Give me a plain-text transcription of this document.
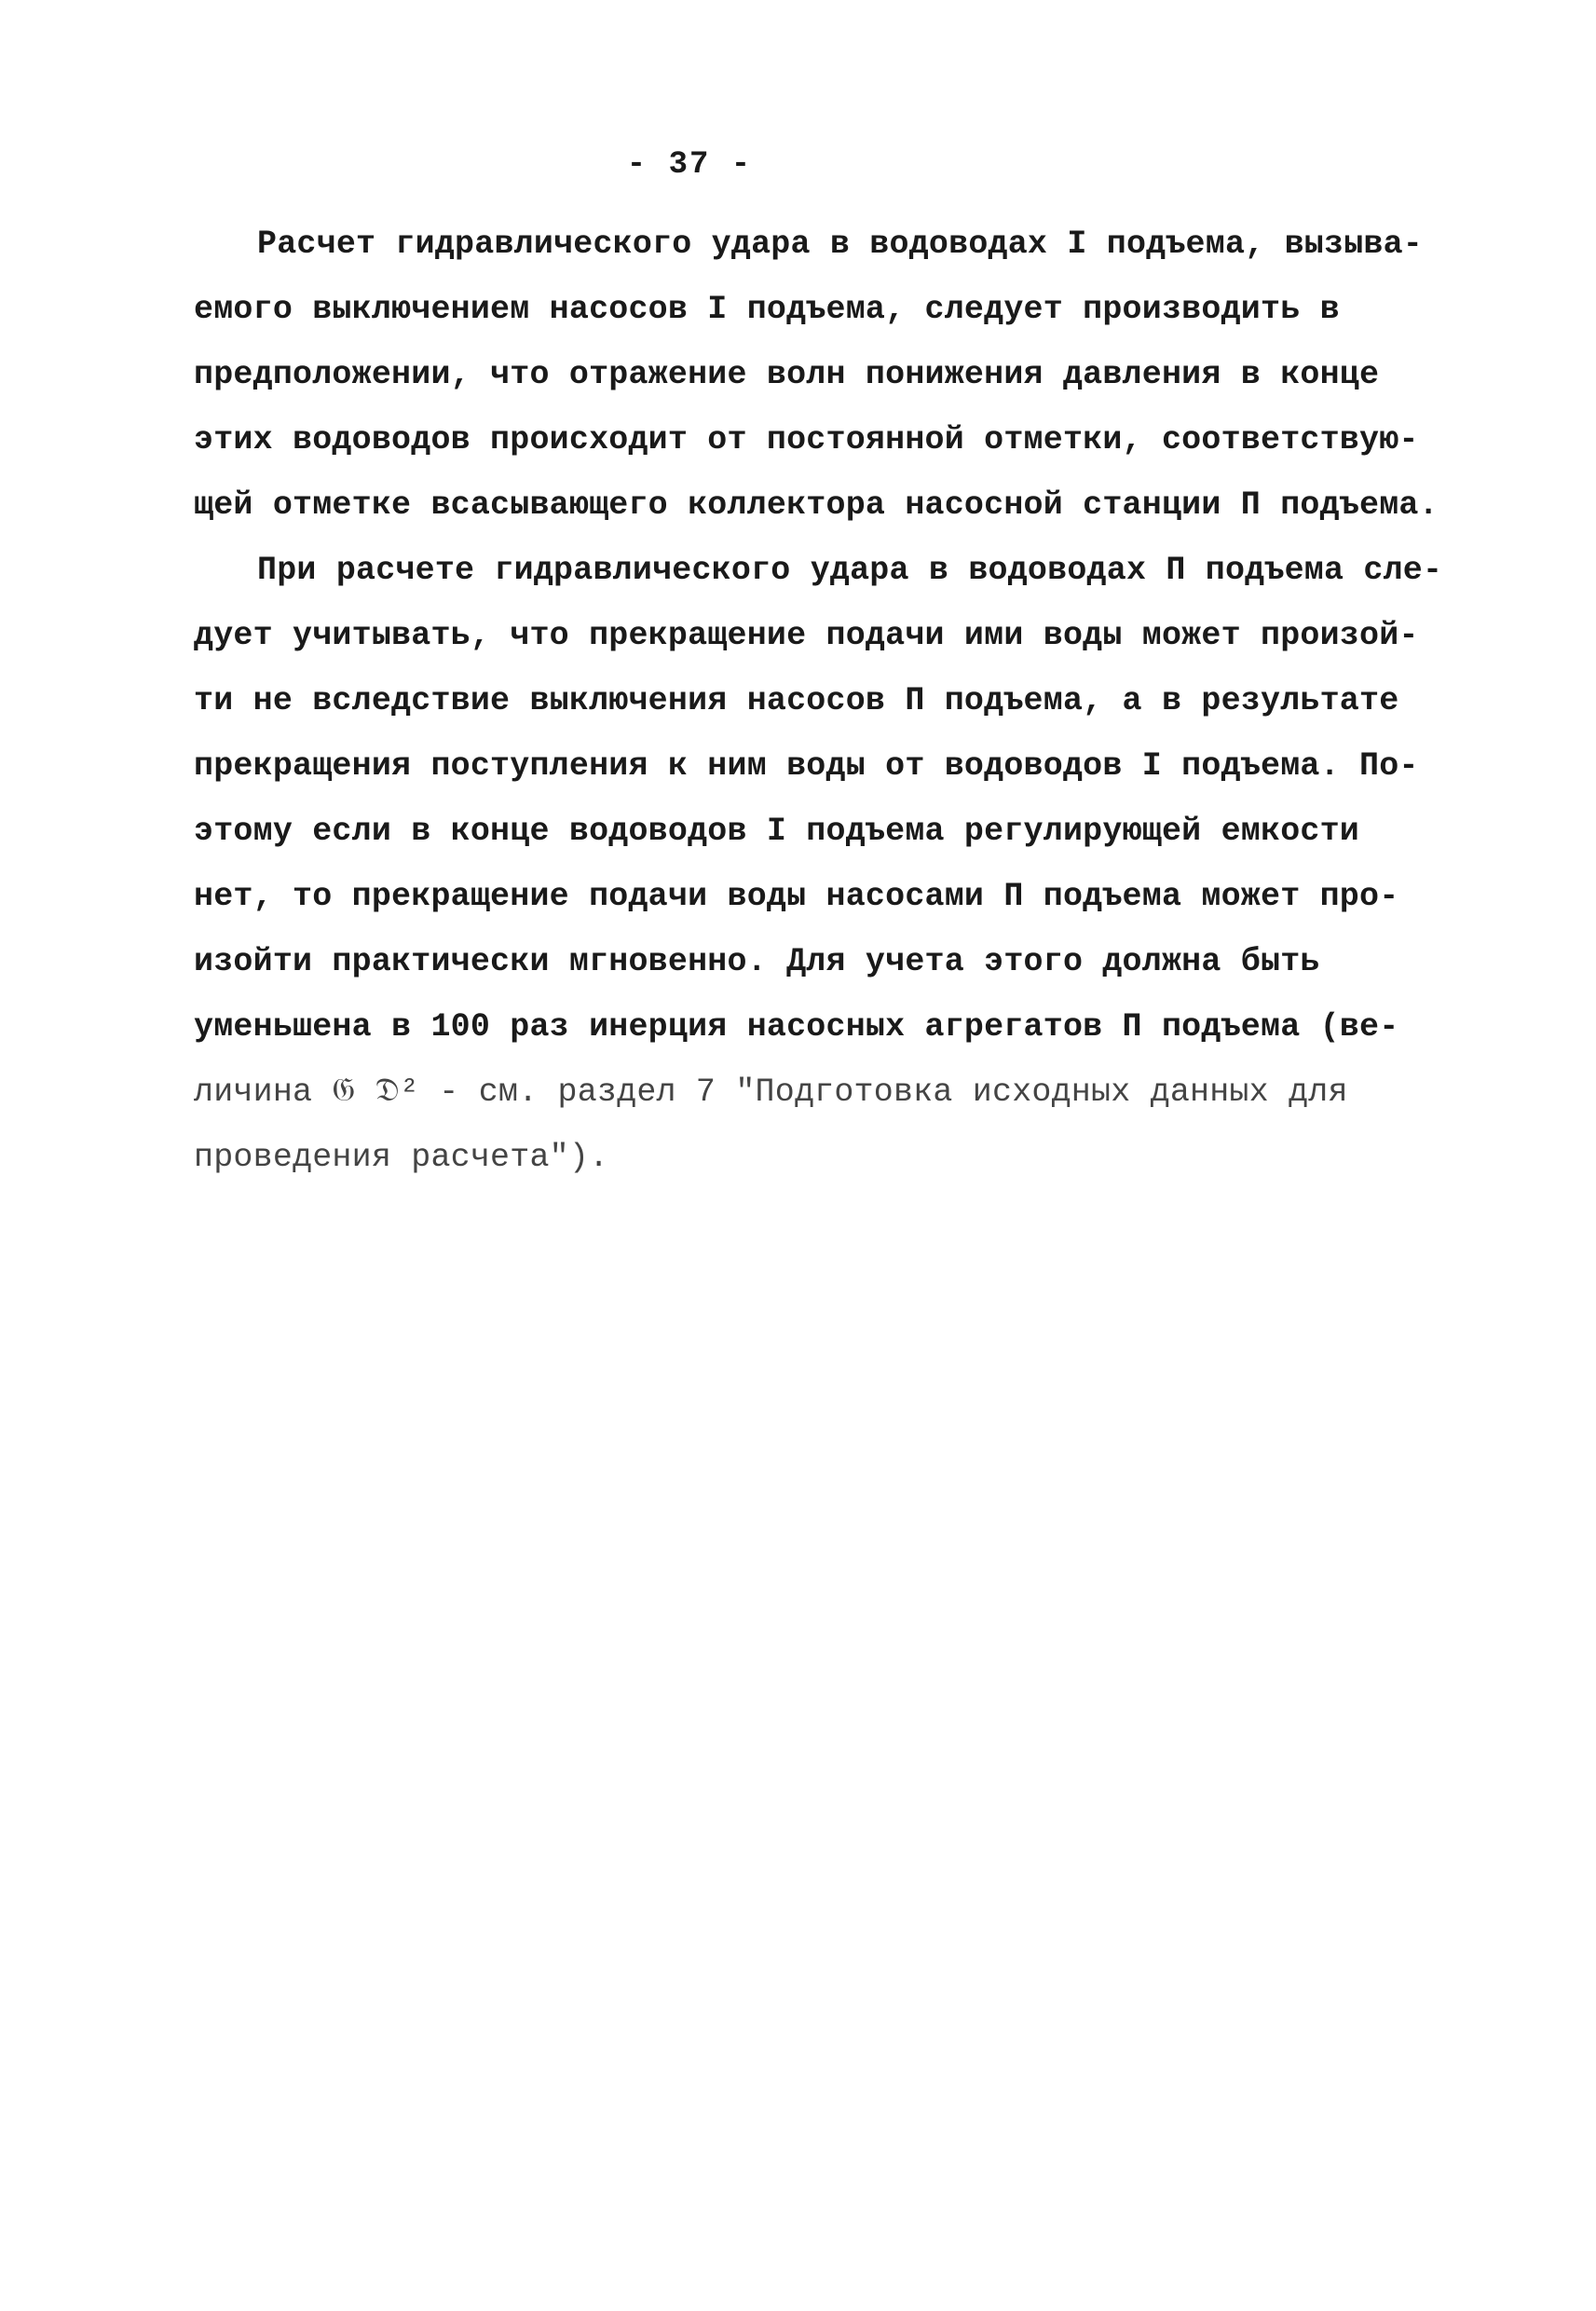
- 37 -
Расчет гидравлического удара в водоводах I подъема, вызыва-
емого выключением насосов I подъема, следует производить в
предположении, что отражение волн понижения давления в конце
этих водоводов происходит от постоянной отметки, соответствую-
щей отметке всасывающего коллектора насосной станции П подъема.
При расчете гидравлического удара в водоводах П подъема сле-
дует учитывать, что прекращение подачи ими воды может произой-
ти не вследствие выключения насосов П подъема, а в результате
прекращения поступления к ним воды от водоводов I подъема. По-
этому если в конце водоводов I подъема регулирующей емкости
нет, то прекращение подачи воды насосами П подъема может про-
изойти практически мгновенно. Для учета этого должна быть
уменьшена в 100 раз инерция насосных агрегатов П подъема (ве-
личина 𝔊 𝔇² - см. раздел 7 "Подготовка исходных данных для
проведения расчета").
